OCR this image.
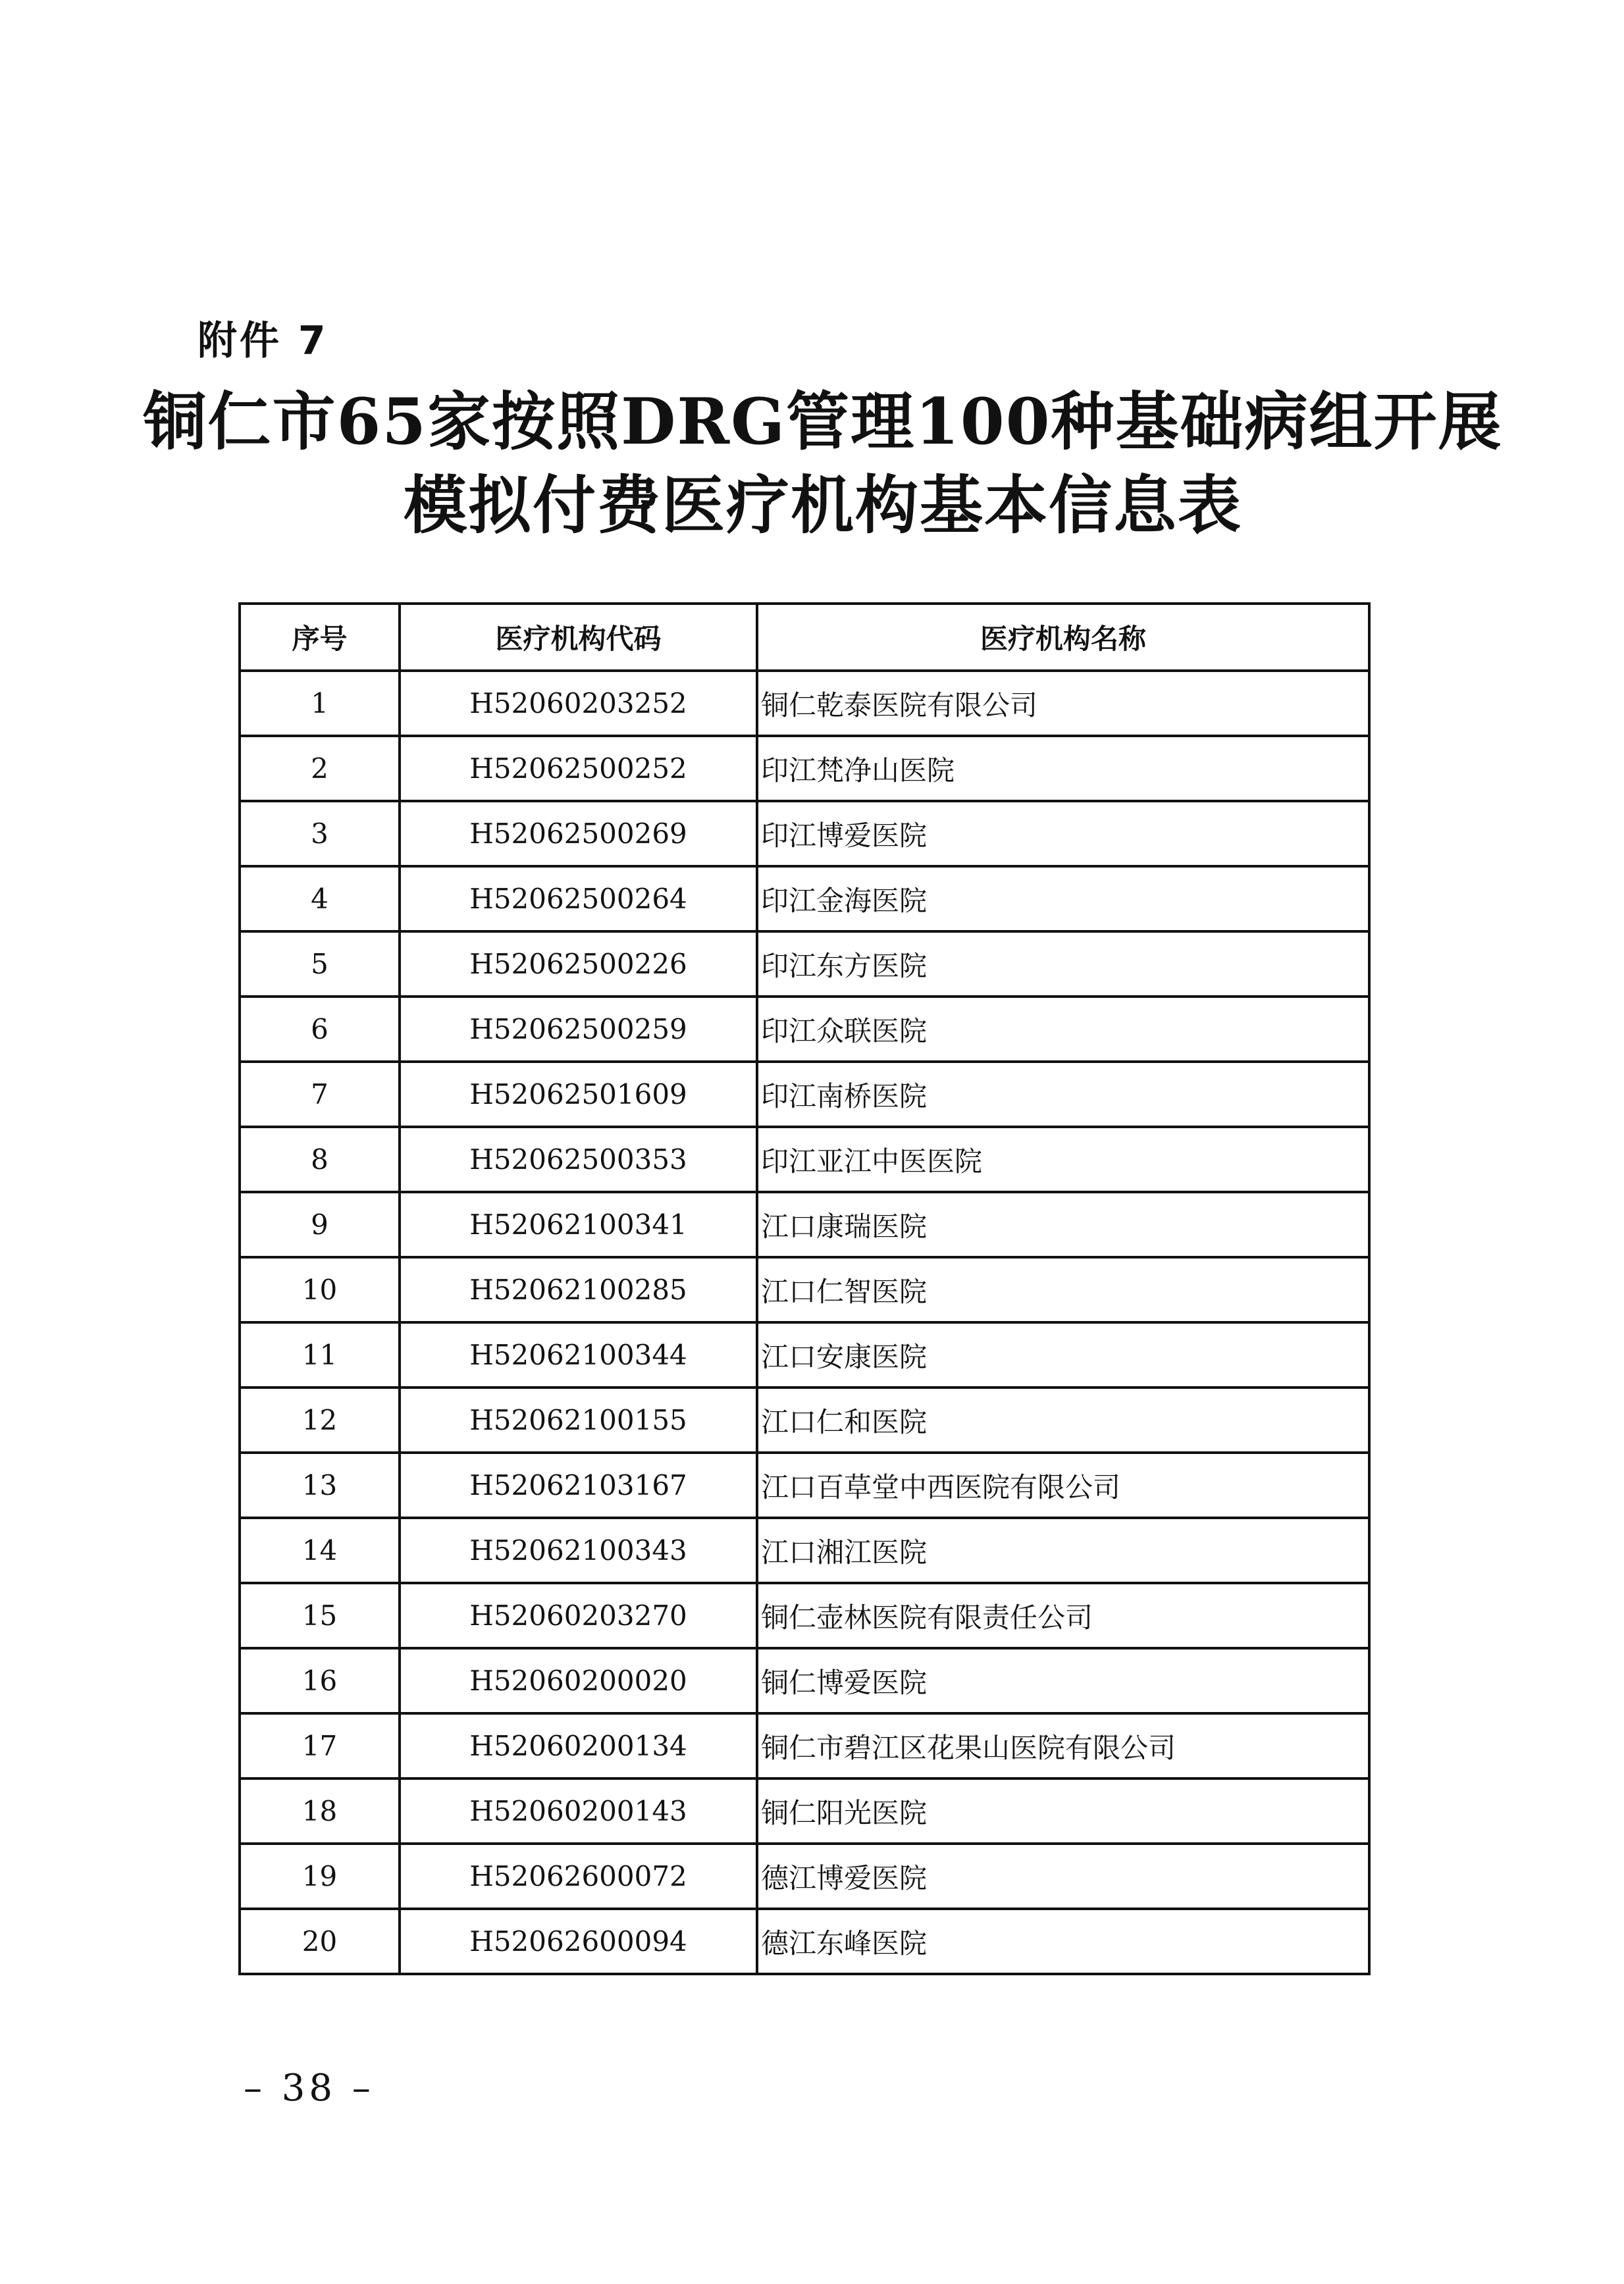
附件 7
铜仁市65家按照DRG管理100种基础病组开展
模拟付费医疗机构基本信息表
序号	医疗机构代码	医疗机构名称
1	H52060203252	铜仁乾泰医院有限公司
2	H52062500252	印江梵净山医院
3	H52062500269	印江博爱医院
4	H52062500264	印江金海医院
5	H52062500226	印江东方医院
6	H52062500259	印江众联医院
7	H52062501609	印江南桥医院
8	H52062500353	印江亚江中医医院
9	H52062100341	江口康瑞医院
10	H52062100285	江口仁智医院
11	H52062100344	江口安康医院
12	H52062100155	江口仁和医院
13	H52062103167	江口百草堂中西医院有限公司
14	H52062100343	江口湘江医院
15	H52060203270	铜仁壶林医院有限责任公司
16	H52060200020	铜仁博爱医院
17	H52060200134	铜仁市碧江区花果山医院有限公司
18	H52060200143	铜仁阳光医院
19	H52062600072	德江博爱医院
20	H52062600094	德江东峰医院
– 38 –
